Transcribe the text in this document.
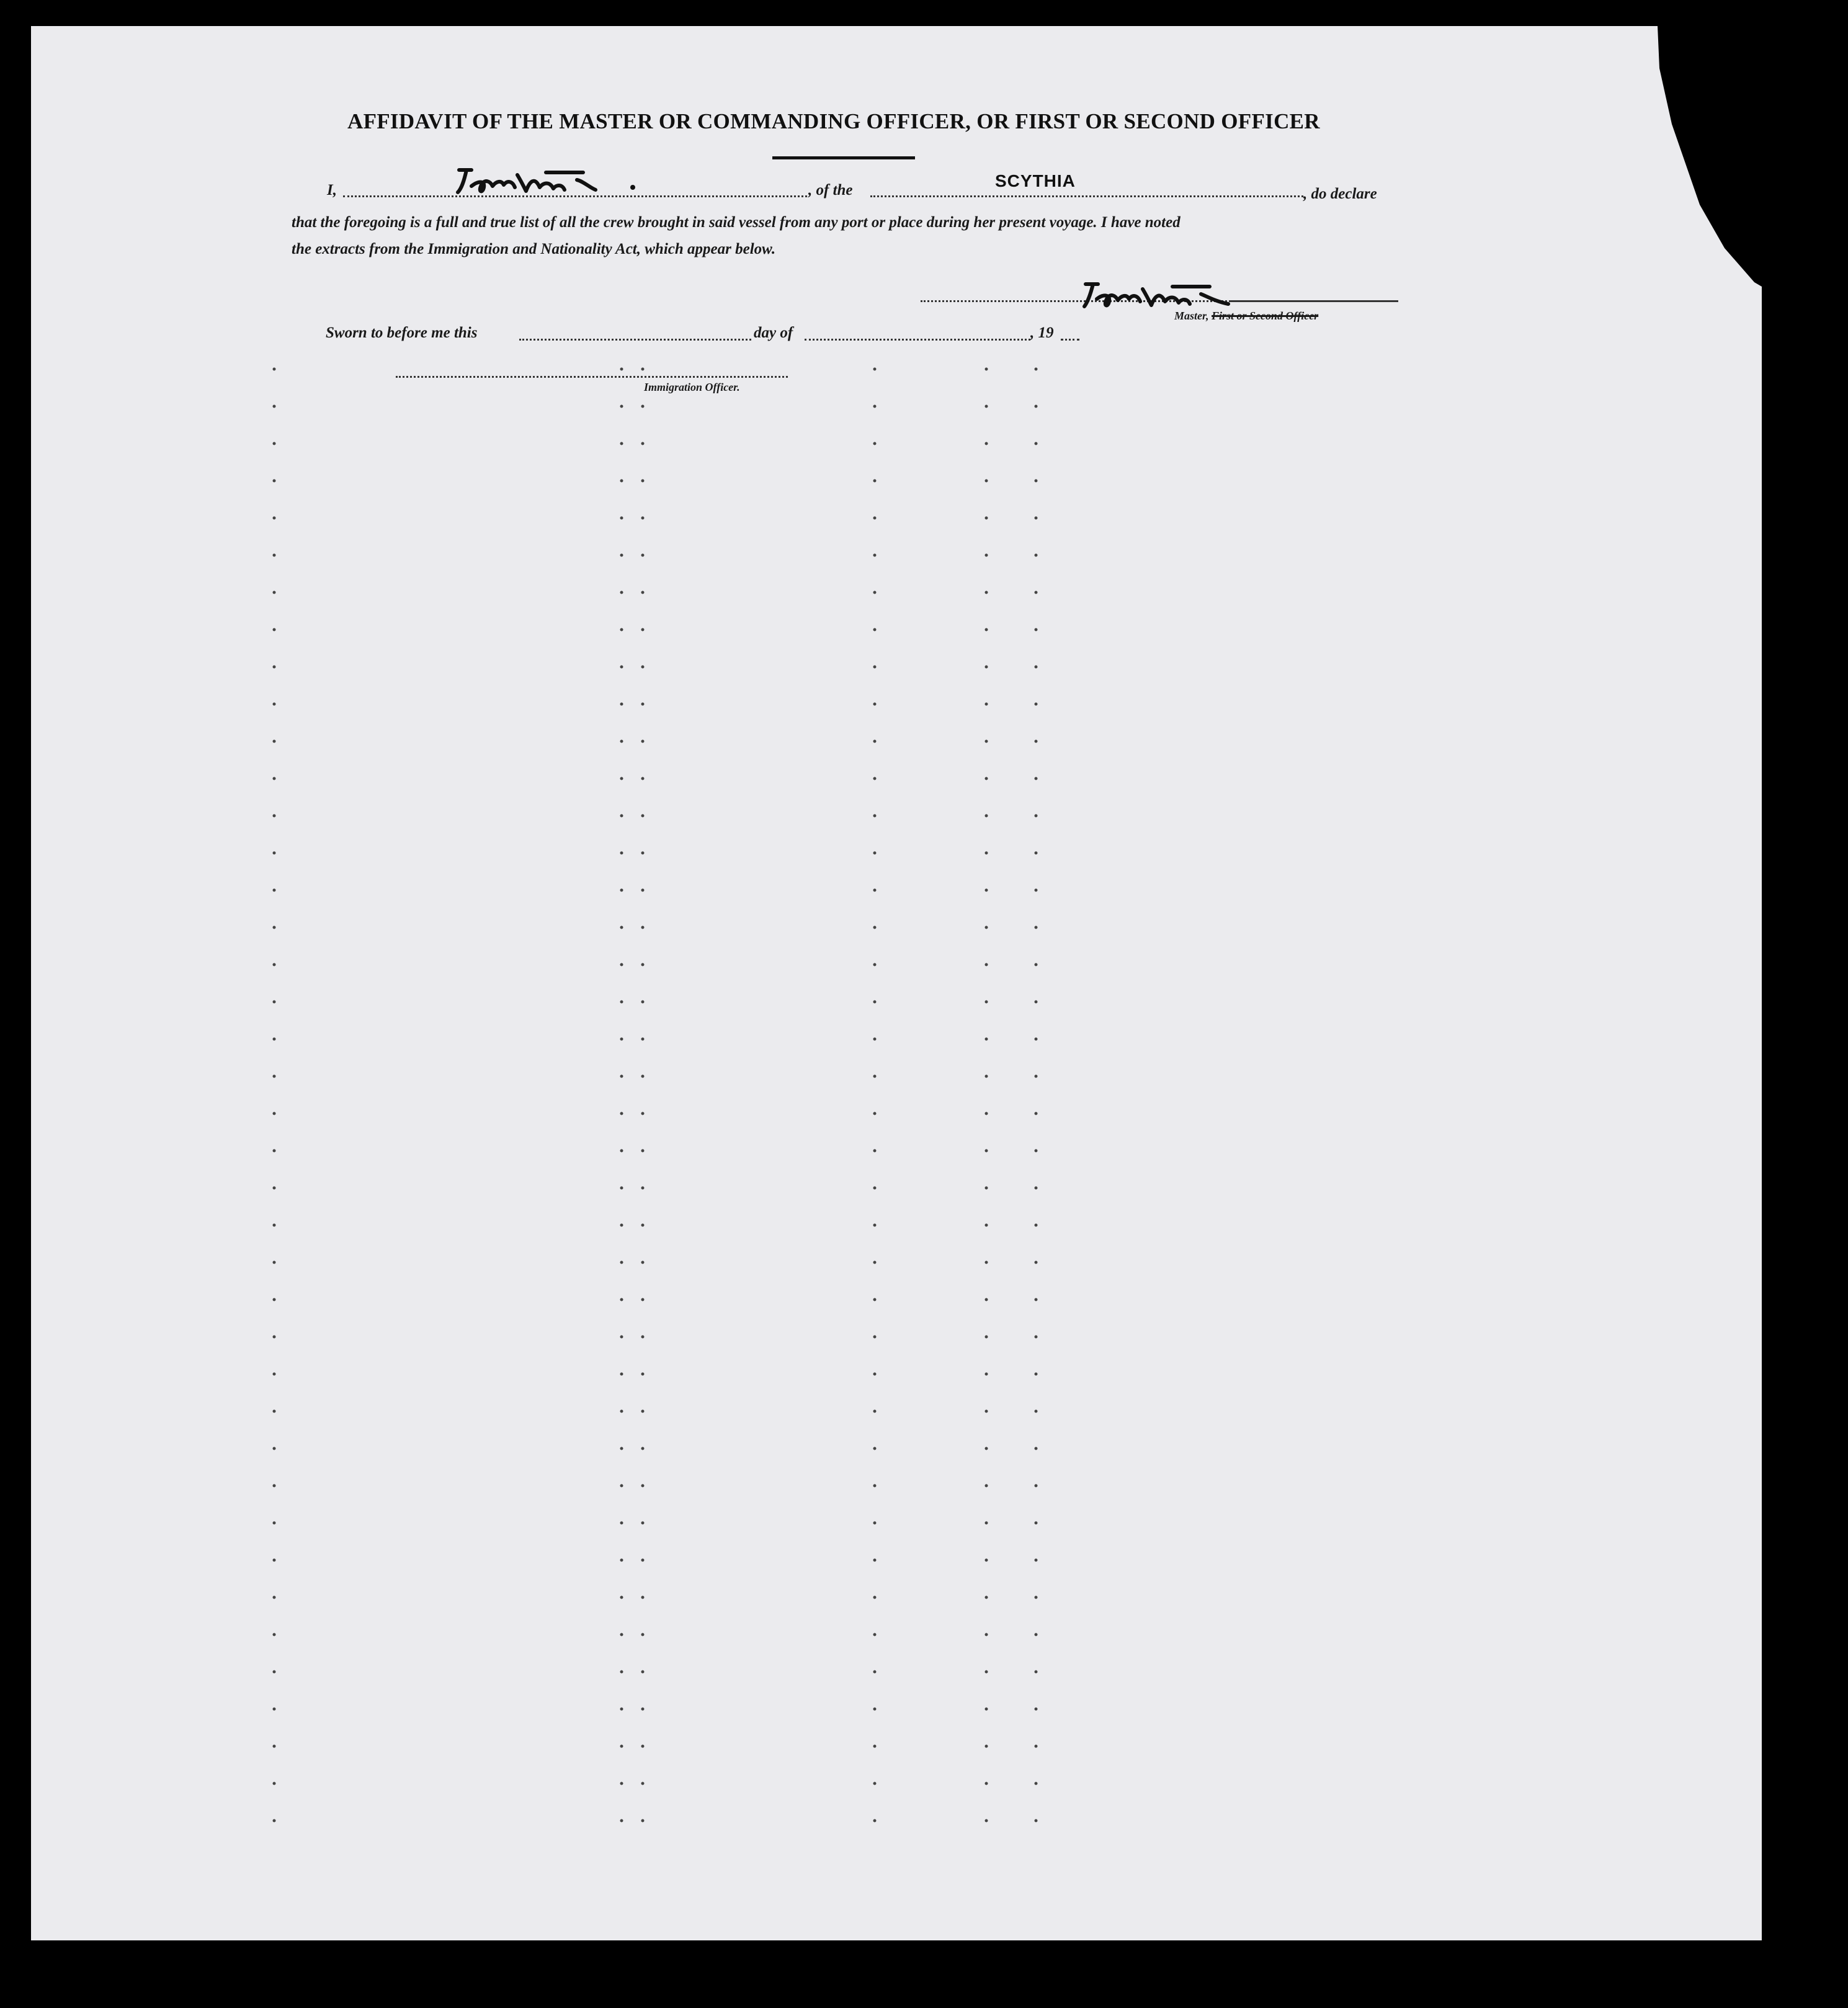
AFFIDAVIT OF THE MASTER OR COMMANDING OFFICER, OR FIRST OR SECOND OFFICER
I,	, of the	SCYTHIA
, do declare
that the foregoing is a full and true list of all the crew brought in said vessel from any port or place during her present voyage. I have noted
the extracts from the Immigration and Nationality Act, which appear below.
Master, First or Second Officer
Sworn to before me this	day of	, 19
Immigration Officer.
